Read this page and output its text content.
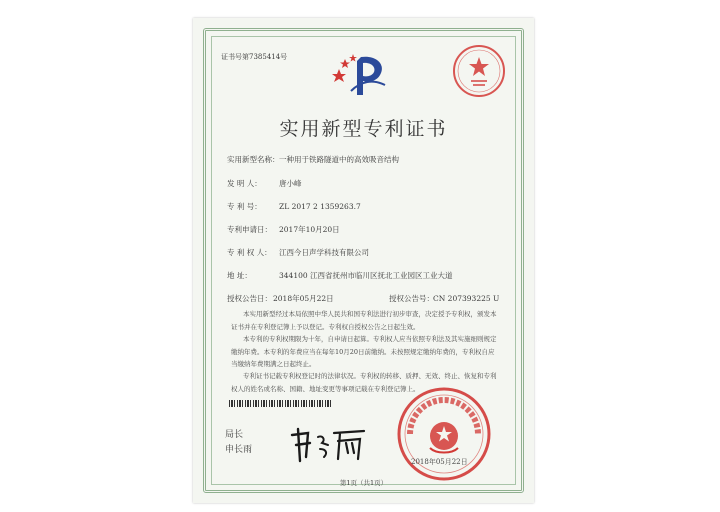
证书号第7385414号
实用新型专利证书
实用新型名称： 一种用于铁路隧道中的高效吸音结构
发 明 人： 唐小峰
专 利 号： ZL 2017 2 1359263.7
专利申请日： 2017年10月20日
专 利 权 人： 江西今日声学科技有限公司
地 址：	344100 江西省抚州市临川区抚北工业园区工业大道
授权公告日： 2018年05月22日	授权公告号： CN 207393225 U
本实用新型经过本局依照中华人民共和国专利法进行初步审查，决定授予专利权，颁发本证书并在专利登记簿上予以登记。专利权自授权公告之日起生效。
本专利的专利权期限为十年，自申请日起算。专利权人应当依照专利法及其实施细则规定缴纳年费。本专利的年费应当在每年10月20日前缴纳。未按照规定缴纳年费的，专利权自应当缴纳年费期满之日起终止。
专利证书记载专利权登记时的法律状况。专利权的转移、质押、无效、终止、恢复和专利权人的姓名或名称、国籍、地址变更等事项记载在专利登记簿上。
局长
申长雨
2018年05月22日
第1页（共1页）
